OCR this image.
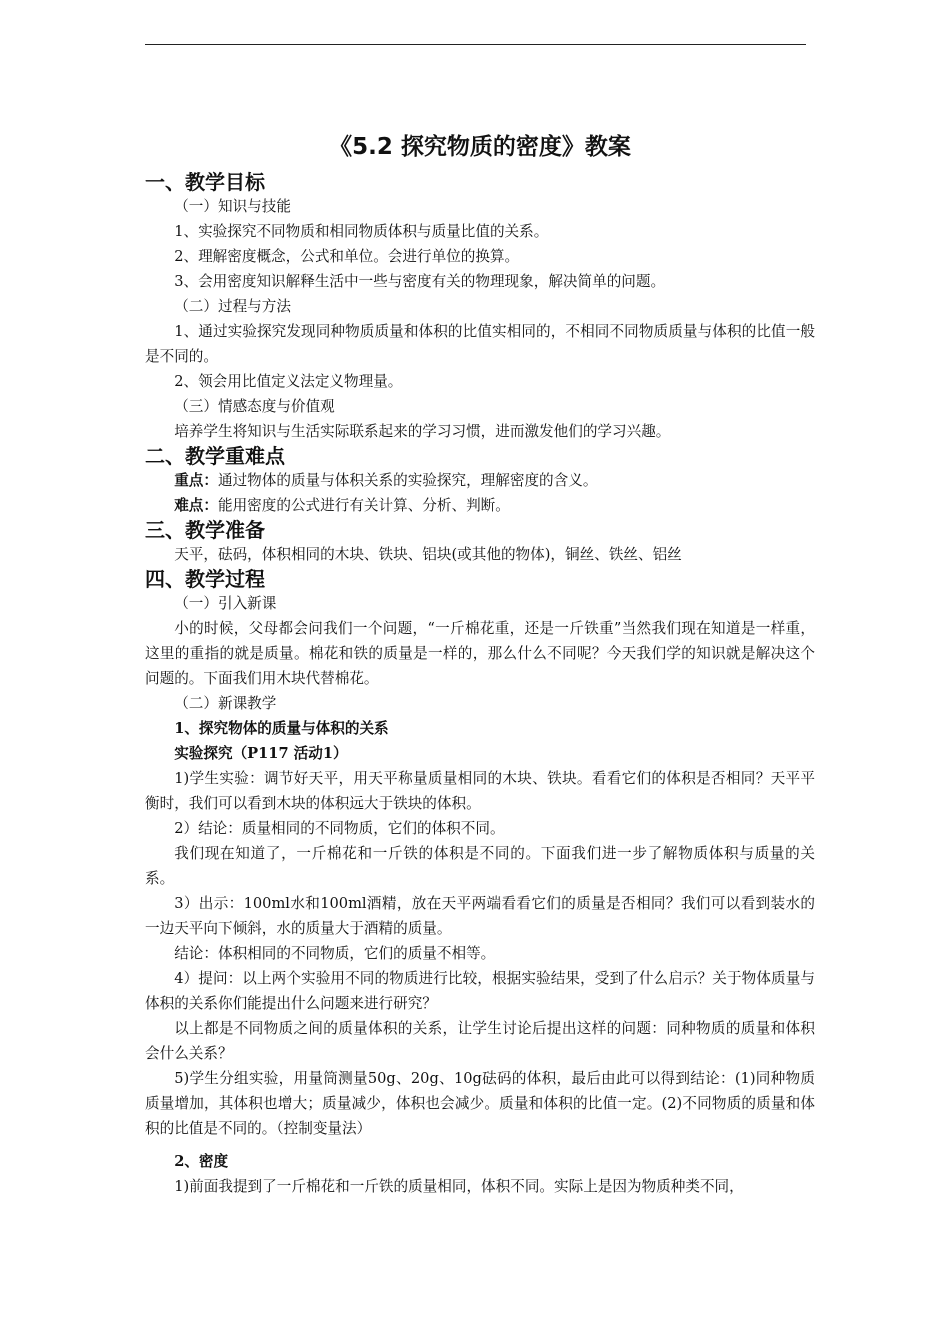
《5.2 探究物质的密度》教案
一、教学目标
（一）知识与技能
1、实验探究不同物质和相同物质体积与质量比值的关系。
2、理解密度概念，公式和单位。会进行单位的换算。
3、会用密度知识解释生活中一些与密度有关的物理现象，解决简单的问题。
（二）过程与方法
1、通过实验探究发现同种物质质量和体积的比值实相同的，不相同不同物质质量与体积的比值一般是不同的。
2、领会用比值定义法定义物理量。
（三）情感态度与价值观
培养学生将知识与生活实际联系起来的学习习惯，进而激发他们的学习兴趣。
二、教学重难点
重点：通过物体的质量与体积关系的实验探究，理解密度的含义。
难点：能用密度的公式进行有关计算、分析、判断。
三、教学准备
天平，砝码，体积相同的木块、铁块、铝块(或其他的物体)，铜丝、铁丝、铝丝
四、教学过程
（一）引入新课
小的时候，父母都会问我们一个问题，“一斤棉花重，还是一斤铁重”当然我们现在知道是一样重，这里的重指的就是质量。棉花和铁的质量是一样的，那么什么不同呢？今天我们学的知识就是解决这个问题的。下面我们用木块代替棉花。
（二）新课教学
1、探究物体的质量与体积的关系
实验探究（P117 活动1）
1)学生实验：调节好天平，用天平称量质量相同的木块、铁块。看看它们的体积是否相同？天平平衡时，我们可以看到木块的体积远大于铁块的体积。
2）结论：质量相同的不同物质，它们的体积不同。
我们现在知道了，一斤棉花和一斤铁的体积是不同的。下面我们进一步了解物质体积与质量的关系。
3）出示：100ml水和100ml酒精，放在天平两端看看它们的质量是否相同？我们可以看到装水的一边天平向下倾斜，水的质量大于酒精的质量。
结论：体积相同的不同物质，它们的质量不相等。
4）提问：以上两个实验用不同的物质进行比较，根据实验结果，受到了什么启示？关于物体质量与体积的关系你们能提出什么问题来进行研究？
以上都是不同物质之间的质量体积的关系，让学生讨论后提出这样的问题：同种物质的质量和体积会什么关系？
5)学生分组实验，用量筒测量50g、20g、10g砝码的体积，最后由此可以得到结论：(1)同种物质质量增加，其体积也增大；质量减少，体积也会减少。质量和体积的比值一定。(2)不同物质的质量和体积的比值是不同的。（控制变量法）
2、密度
1)前面我提到了一斤棉花和一斤铁的质量相同，体积不同。实际上是因为物质种类不同，
